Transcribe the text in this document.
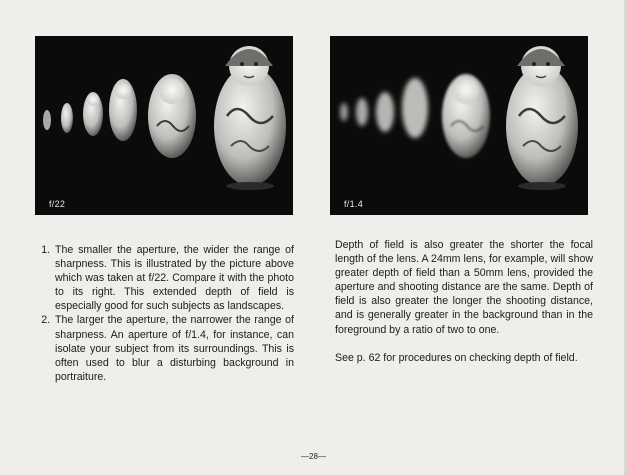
f/22	f/1.4
1. The smaller the aperture, the wider the range of sharpness. This is illustrated by the picture above which was taken at f/22. Compare it with the photo to its right. This extended depth of field is especially good for such subjects as landscapes.
2. The larger the aperture, the narrower the range of sharpness. An aperture of f/1.4, for instance, can isolate your subject from its surroundings. This is often used to blur a disturbing background in portraiture.

Depth of field is also greater the shorter the focal length of the lens. A 24mm lens, for example, will show greater depth of field than a 50mm lens, provided the aperture and shooting distance are the same. Depth of field is also greater the longer the shooting distance, and is generally greater in the background than in the foreground by a ratio of two to one.

See p. 62 for procedures on checking depth of field.

—28—
